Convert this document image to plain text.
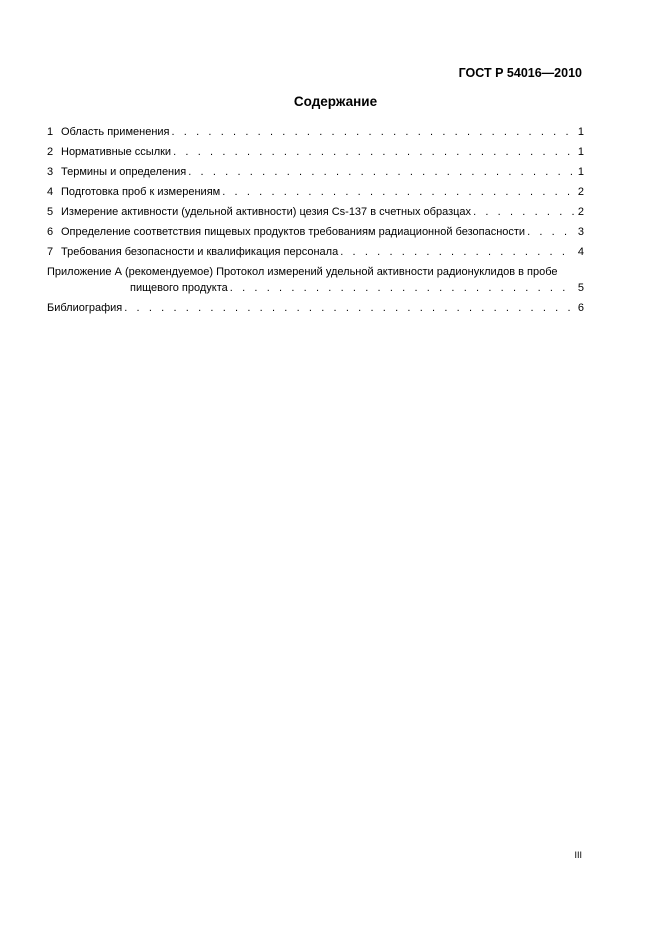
ГОСТ Р 54016—2010
Содержание
1 Область применения . . .	1
2 Нормативные ссылки . . .	1
3 Термины и определения . . .	1
4 Подготовка проб к измерениям . . .	2
5 Измерение активности (удельной активности) цезия Cs-137 в счетных образцах . . .	2
6 Определение соответствия пищевых продуктов требованиям радиационной безопасности . . .	3
7 Требования безопасности и квалификация персонала . . .	4
Приложение А (рекомендуемое) Протокол измерений удельной активности радионуклидов в пробе
пищевого продукта . . .	5
Библиография . . .	6
III
